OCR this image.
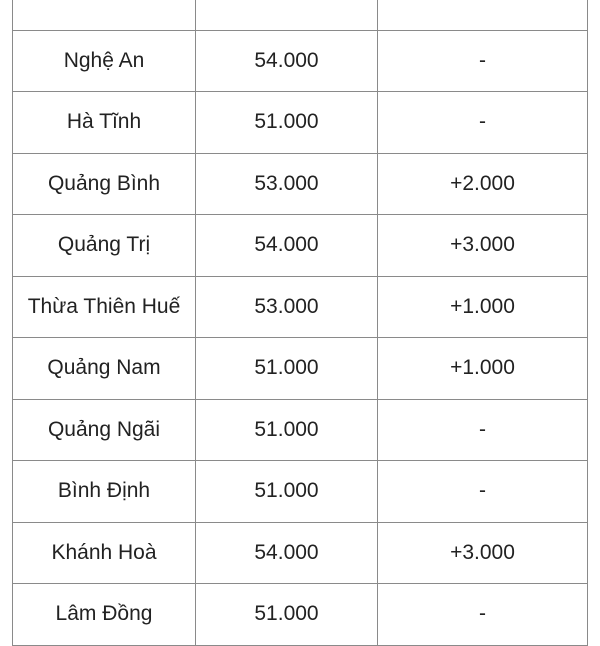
Nghệ An	54.000	-
Hà Tĩnh	51.000	-
Quảng Bình	53.000	+2.000
Quảng Trị	54.000	+3.000
Thừa Thiên Huế	53.000	+1.000
Quảng Nam	51.000	+1.000
Quảng Ngãi	51.000	-
Bình Định	51.000	-
Khánh Hoà	54.000	+3.000
Lâm Đồng	51.000	-
